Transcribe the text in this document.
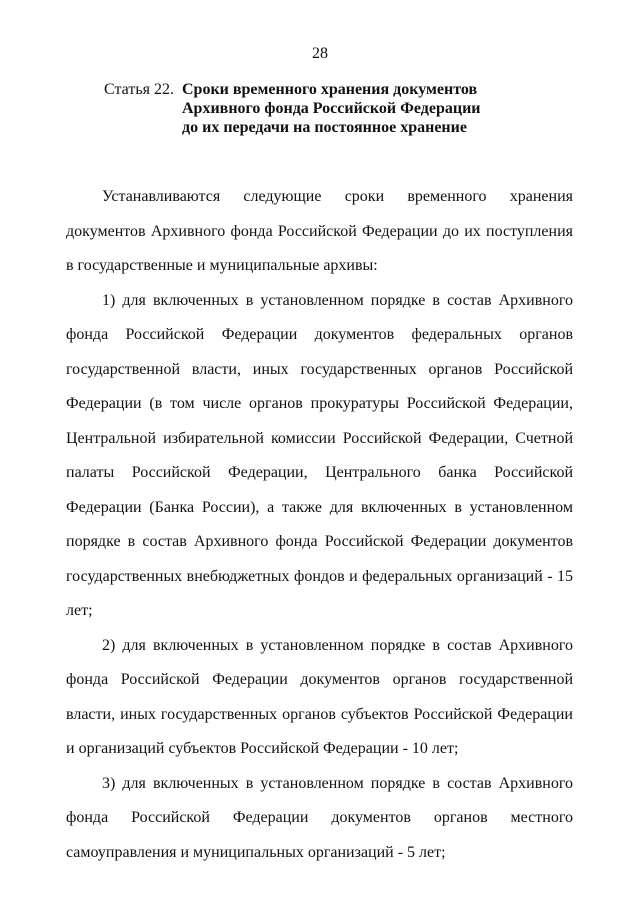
28
Статья 22. Сроки временного хранения документов
Архивного фонда Российской Федерации
до их передачи на постоянное хранение

Устанавливаются следующие сроки временного хранения документов Архивного фонда Российской Федерации до их поступления в государственные и муниципальные архивы:

1) для включенных в установленном порядке в состав Архивного фонда Российской Федерации документов федеральных органов государственной власти, иных государственных органов Российской Федерации (в том числе органов прокуратуры Российской Федерации, Центральной избирательной комиссии Российской Федерации, Счетной палаты Российской Федерации, Центрального банка Российской Федерации (Банка России), а также для включенных в установленном порядке в состав Архивного фонда Российской Федерации документов государственных внебюджетных фондов и федеральных организаций - 15 лет;

2) для включенных в установленном порядке в состав Архивного фонда Российской Федерации документов органов государственной власти, иных государственных органов субъектов Российской Федерации и организаций субъектов Российской Федерации - 10 лет;

3) для включенных в установленном порядке в состав Архивного фонда Российской Федерации документов органов местного самоуправления и муниципальных организаций - 5 лет;
